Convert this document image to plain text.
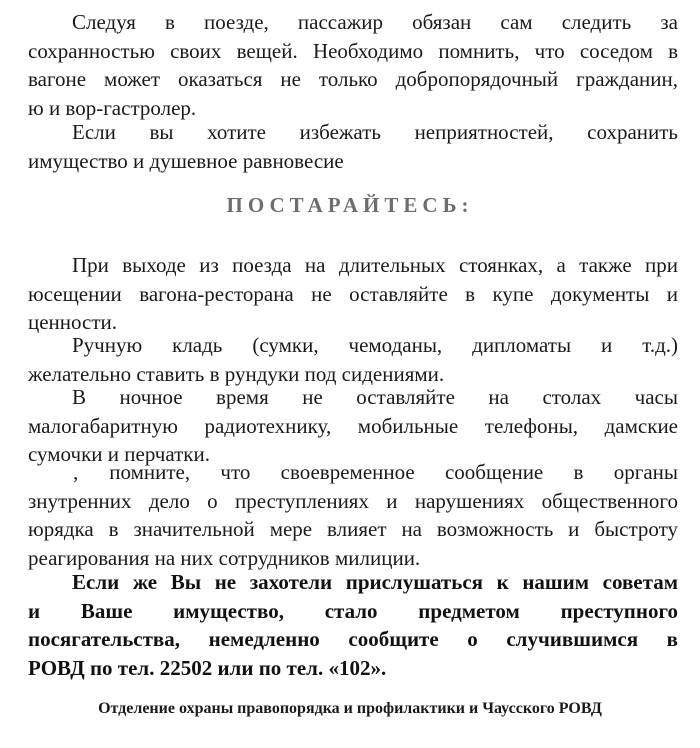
Следуя в поезде, пассажир обязан сам следить за
сохранностью своих вещей. Необходимо помнить, что соседом в
вагоне может оказаться не только добропорядочный гражданин,
ю и вор-гастролер.
Если вы хотите избежать неприятностей, сохранить
имущество и душевное равновесие
ПОСТАРАЙТЕСЬ:
При выходе из поезда на длительных стоянках, а также при
юсещении вагона-ресторана не оставляйте в купе документы и
ценности.
Ручную кладь (сумки, чемоданы, дипломаты и т.д.)
желательно ставить в рундуки под сидениями.
В ночное время не оставляйте на столах часы
малогабаритную радиотехнику, мобильные телефоны, дамские
сумочки и перчатки.
‚ помните, что своевременное сообщение в органы
знутренних дело о преступлениях и нарушениях общественного
юрядка в значительной мере влияет на возможность и быстроту
реагирования на них сотрудников милиции.
Если же Вы не захотели прислушаться к нашим советам
и Ваше имущество, стало предметом преступного
посягательства, немедленно сообщите о случившимся в
РОВД по тел. 22502 или по тел. «102».
Отделение охраны правопорядка и профилактики и Чаусского РОВД
